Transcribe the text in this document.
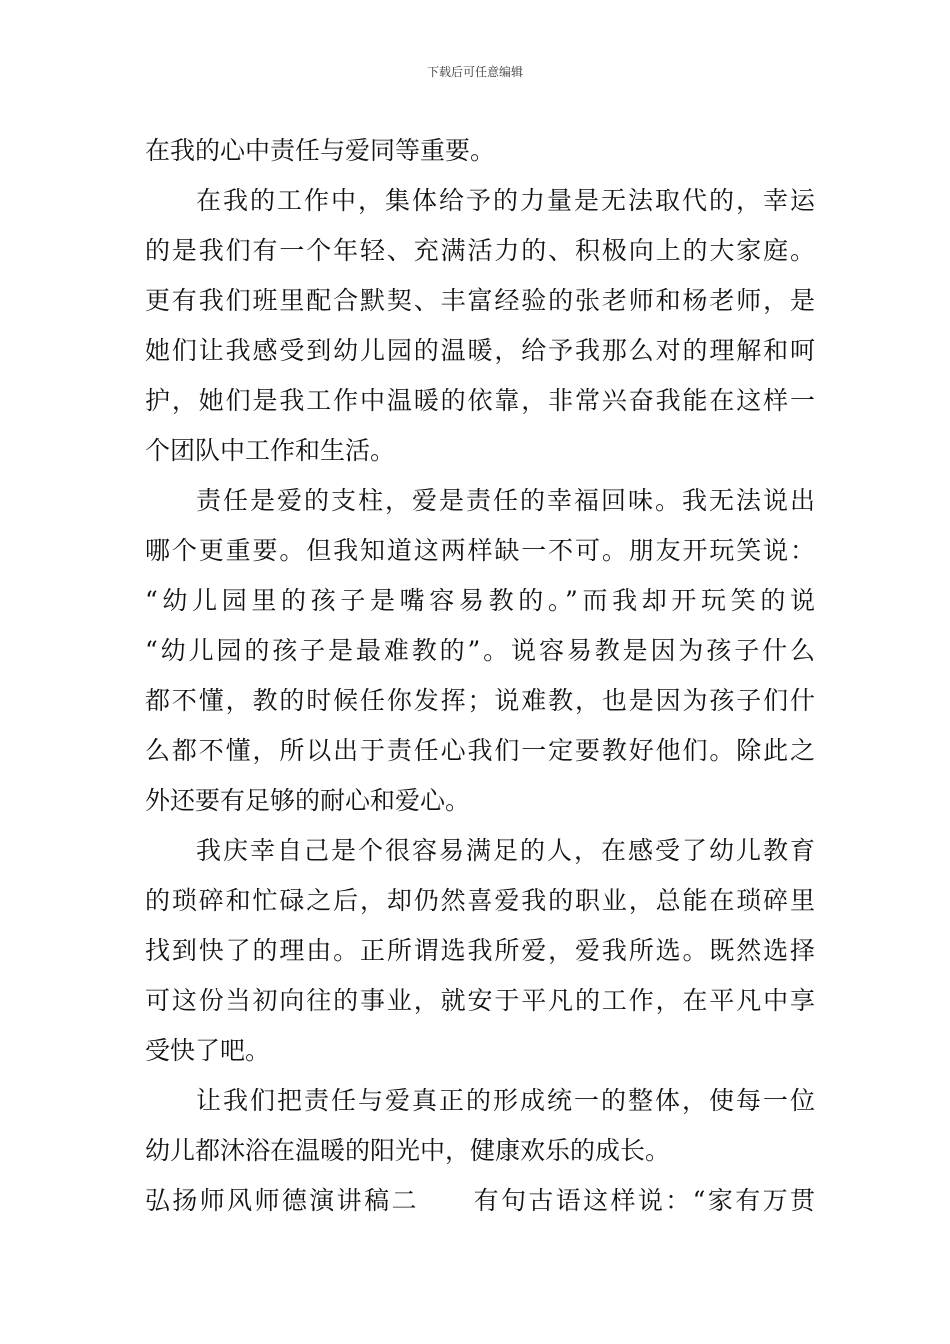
下载后可任意编辑
在我的心中责任与爱同等重要。
在我的工作中，集体给予的力量是无法取代的，幸运
的是我们有一个年轻、充满活力的、积极向上的大家庭。
更有我们班里配合默契、丰富经验的张老师和杨老师，是
她们让我感受到幼儿园的温暖，给予我那么对的理解和呵
护，她们是我工作中温暖的依靠，非常兴奋我能在这样一
个团队中工作和生活。
责任是爱的支柱，爱是责任的幸福回味。我无法说出
哪个更重要。但我知道这两样缺一不可。朋友开玩笑说：
“幼儿园里的孩子是嘴容易教的。”而我却开玩笑的说
“幼儿园的孩子是最难教的”。说容易教是因为孩子什么
都不懂，教的时候任你发挥；说难教，也是因为孩子们什
么都不懂，所以出于责任心我们一定要教好他们。除此之
外还要有足够的耐心和爱心。
我庆幸自己是个很容易满足的人，在感受了幼儿教育
的琐碎和忙碌之后，却仍然喜爱我的职业，总能在琐碎里
找到快了的理由。正所谓选我所爱，爱我所选。既然选择
可这份当初向往的事业，就安于平凡的工作，在平凡中享
受快了吧。
让我们把责任与爱真正的形成统一的整体，使每一位
幼儿都沐浴在温暖的阳光中，健康欢乐的成长。
弘扬师风师德演讲稿二　　有句古语这样说：“家有万贯
